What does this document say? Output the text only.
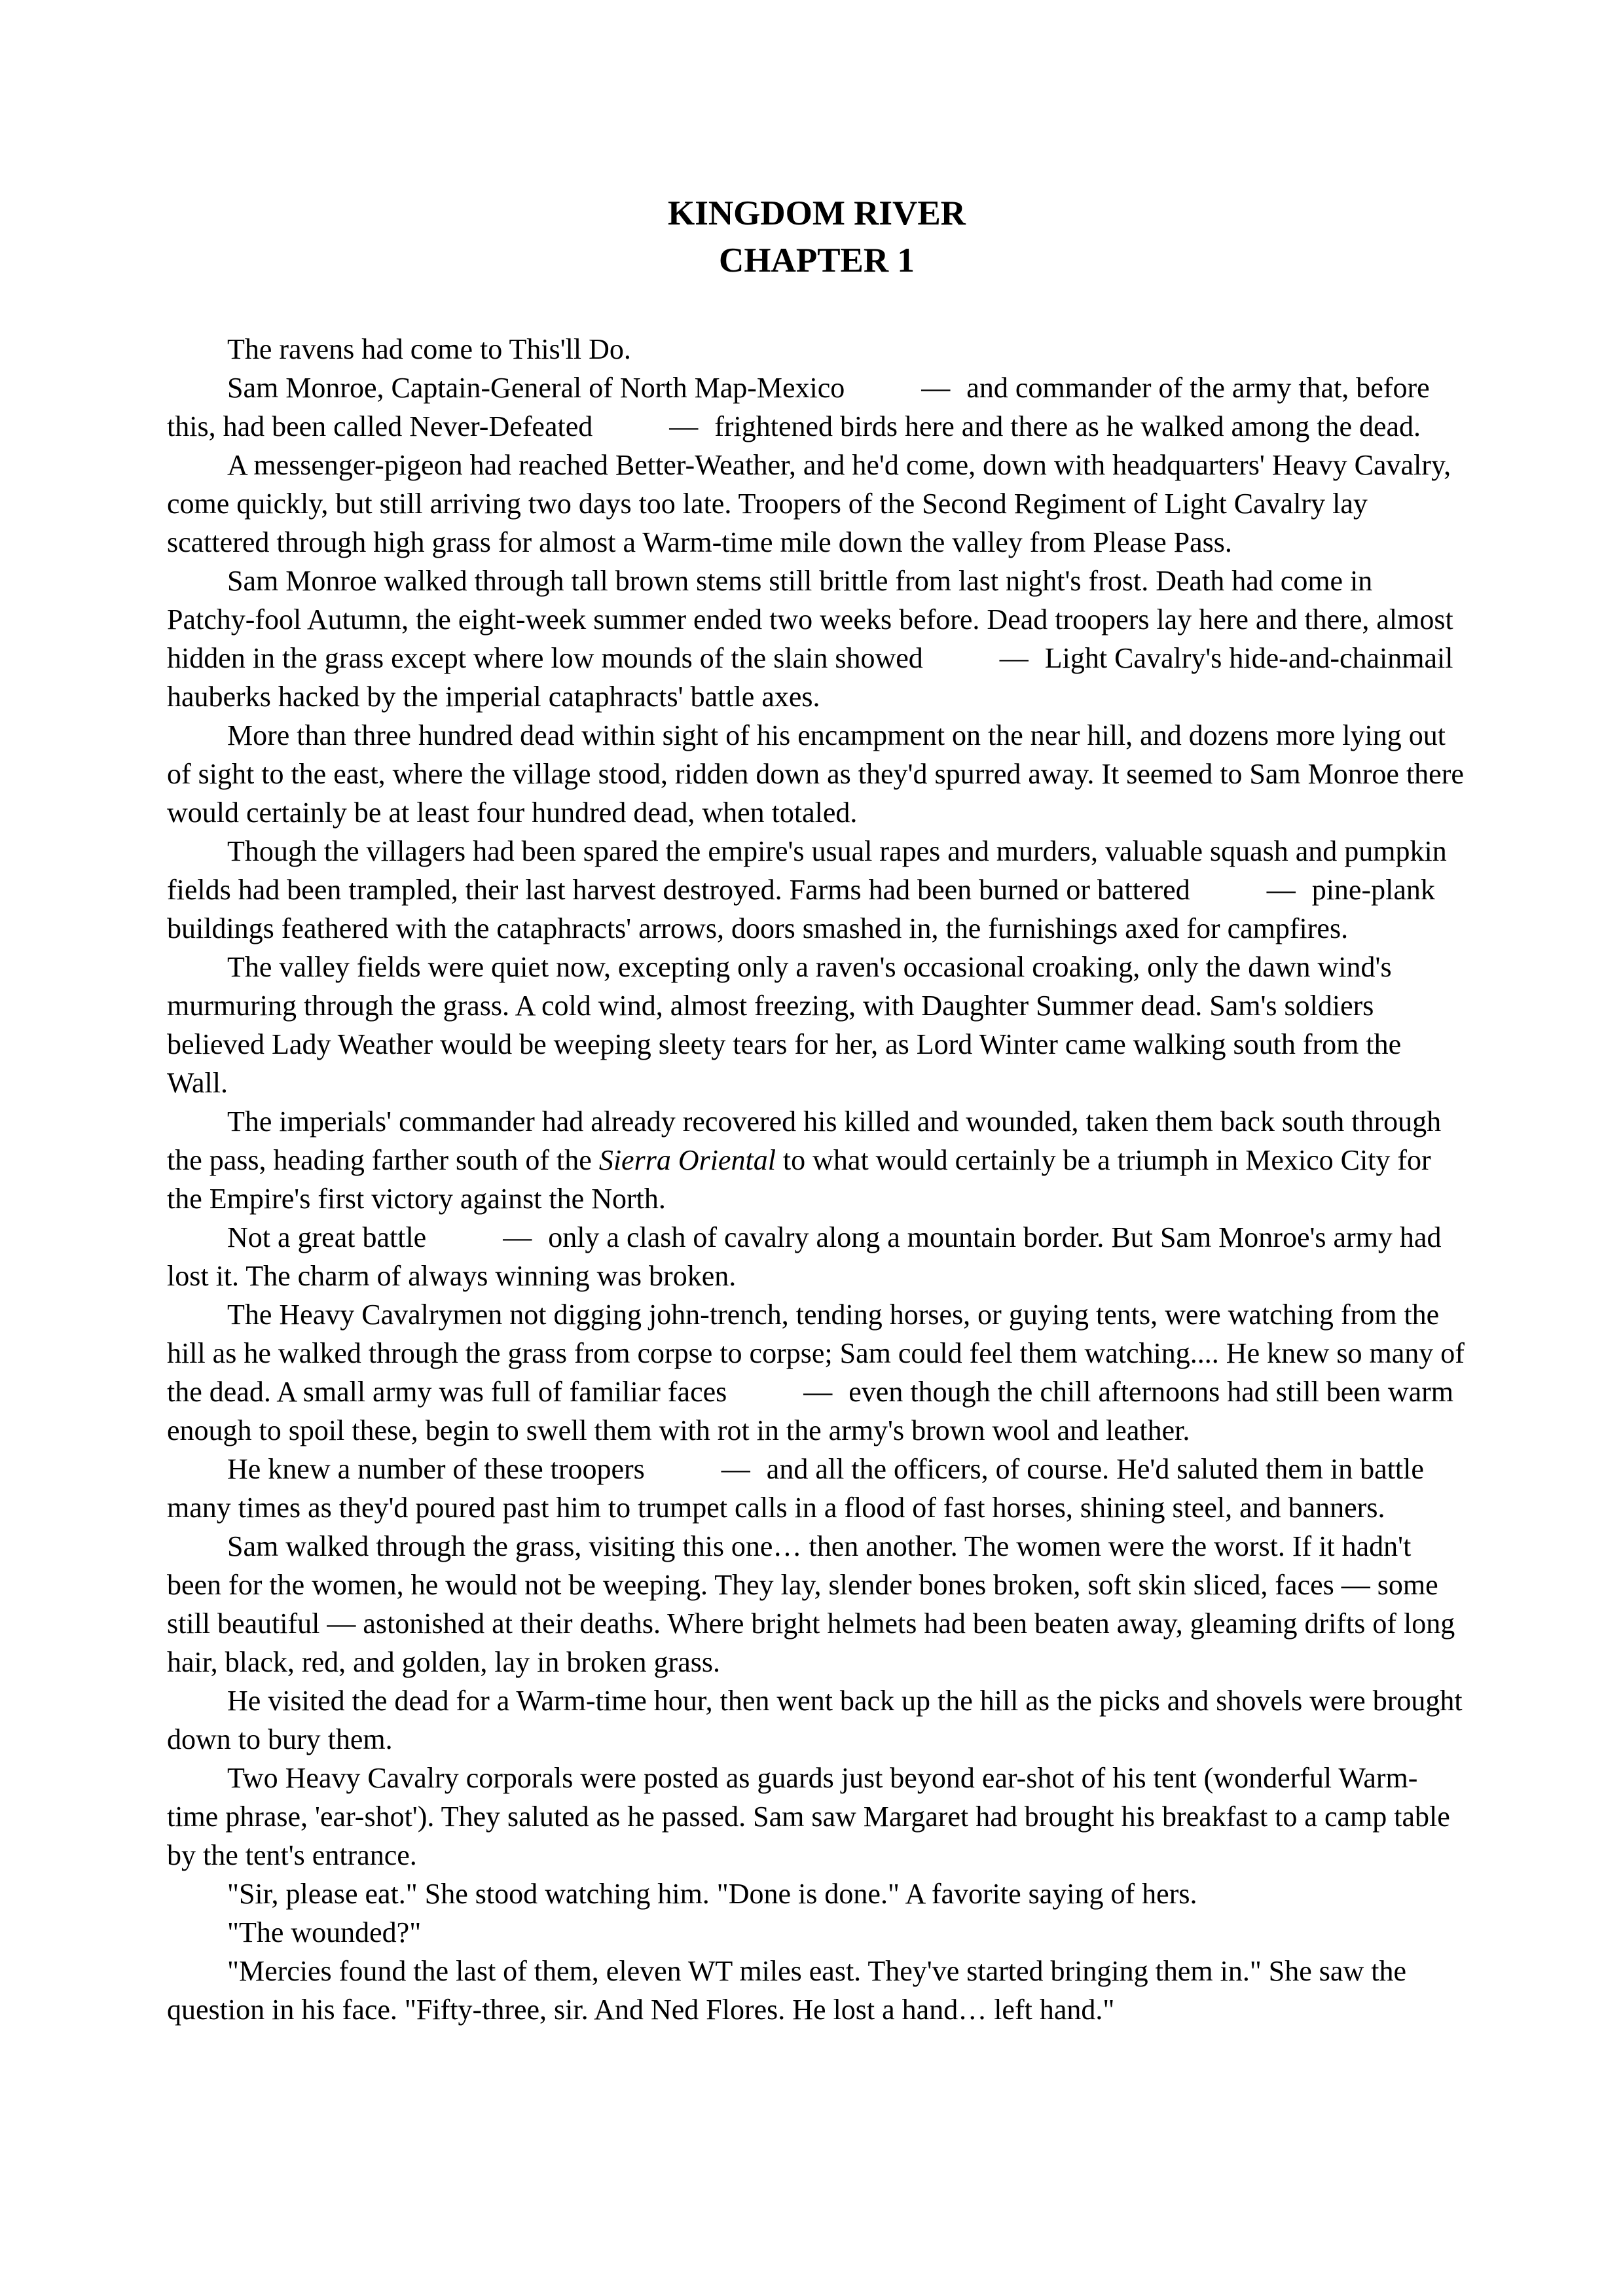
KINGDOM RIVER
CHAPTER 1

The ravens had come to This'll Do.

Sam Monroe, Captain-General of North Map-Mexico — and commander of the army that, before this, had been called Never-Defeated — frightened birds here and there as he walked among the dead.

A messenger-pigeon had reached Better-Weather, and he'd come, down with headquarters' Heavy Cavalry, come quickly, but still arriving two days too late. Troopers of the Second Regiment of Light Cavalry lay scattered through high grass for almost a Warm-time mile down the valley from Please Pass.

Sam Monroe walked through tall brown stems still brittle from last night's frost. Death had come in Patchy-fool Autumn, the eight-week summer ended two weeks before. Dead troopers lay here and there, almost hidden in the grass except where low mounds of the slain showed — Light Cavalry's hide-and-chainmail hauberks hacked by the imperial cataphracts' battle axes.

More than three hundred dead within sight of his encampment on the near hill, and dozens more lying out of sight to the east, where the village stood, ridden down as they'd spurred away. It seemed to Sam Monroe there would certainly be at least four hundred dead, when totaled.

Though the villagers had been spared the empire's usual rapes and murders, valuable squash and pumpkin fields had been trampled, their last harvest destroyed. Farms had been burned or battered — pine-plank buildings feathered with the cataphracts' arrows, doors smashed in, the furnishings axed for campfires.

The valley fields were quiet now, excepting only a raven's occasional croaking, only the dawn wind's murmuring through the grass. A cold wind, almost freezing, with Daughter Summer dead. Sam's soldiers believed Lady Weather would be weeping sleety tears for her, as Lord Winter came walking south from the Wall.

The imperials' commander had already recovered his killed and wounded, taken them back south through the pass, heading farther south of the Sierra Oriental to what would certainly be a triumph in Mexico City for the Empire's first victory against the North.

Not a great battle — only a clash of cavalry along a mountain border. But Sam Monroe's army had lost it. The charm of always winning was broken.

The Heavy Cavalrymen not digging john-trench, tending horses, or guying tents, were watching from the hill as he walked through the grass from corpse to corpse; Sam could feel them watching.... He knew so many of the dead. A small army was full of familiar faces — even though the chill afternoons had still been warm enough to spoil these, begin to swell them with rot in the army's brown wool and leather.

He knew a number of these troopers — and all the officers, of course. He'd saluted them in battle many times as they'd poured past him to trumpet calls in a flood of fast horses, shining steel, and banners.

Sam walked through the grass, visiting this one… then another. The women were the worst. If it hadn't been for the women, he would not be weeping. They lay, slender bones broken, soft skin sliced, faces — some still beautiful — astonished at their deaths. Where bright helmets had been beaten away, gleaming drifts of long hair, black, red, and golden, lay in broken grass.

He visited the dead for a Warm-time hour, then went back up the hill as the picks and shovels were brought down to bury them.

Two Heavy Cavalry corporals were posted as guards just beyond ear-shot of his tent (wonderful Warm-time phrase, 'ear-shot'). They saluted as he passed. Sam saw Margaret had brought his breakfast to a camp table by the tent's entrance.

"Sir, please eat." She stood watching him. "Done is done." A favorite saying of hers.

"The wounded?"

"Mercies found the last of them, eleven WT miles east. They've started bringing them in." She saw the question in his face. "Fifty-three, sir. And Ned Flores. He lost a hand… left hand."
